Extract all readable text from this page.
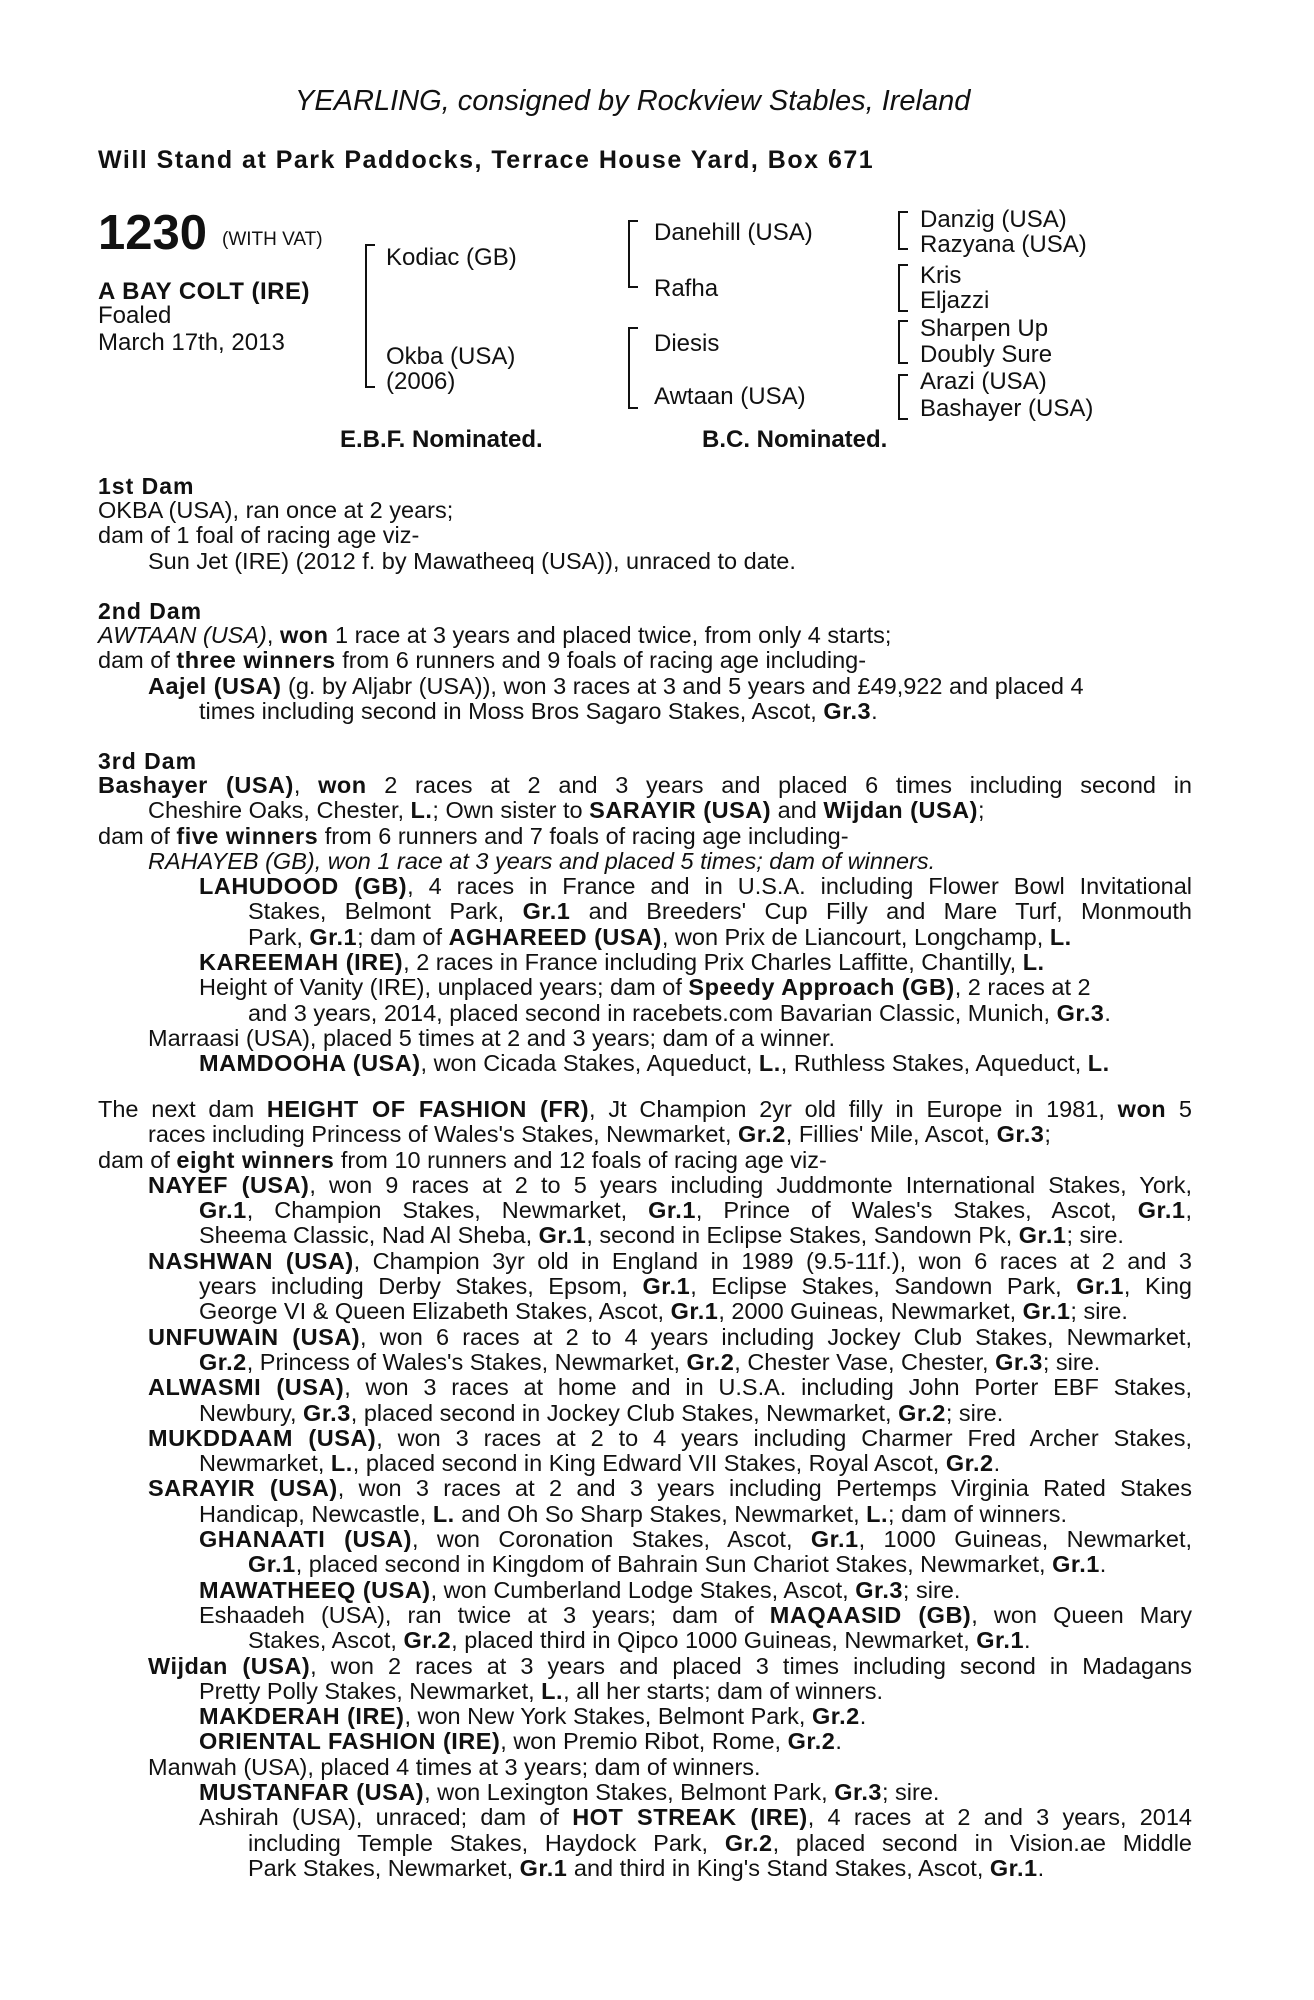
YEARLING, consigned by Rockview Stables, Ireland
Will Stand at Park Paddocks, Terrace House Yard, Box 671
1230 (WITH VAT)
A BAY COLT (IRE)
Foaled
March 17th, 2013
Kodiac (GB)
Okba (USA)
(2006)
Danehill (USA)
Rafha
Diesis
Awtaan (USA)
Danzig (USA)
Razyana (USA)
Kris
Eljazzi
Sharpen Up
Doubly Sure
Arazi (USA)
Bashayer (USA)
E.B.F. Nominated.	B.C. Nominated.
1st Dam
OKBA (USA), ran once at 2 years;
dam of 1 foal of racing age viz-
Sun Jet (IRE) (2012 f. by Mawatheeq (USA)), unraced to date.
2nd Dam
AWTAAN (USA), won 1 race at 3 years and placed twice, from only 4 starts;
dam of three winners from 6 runners and 9 foals of racing age including-
Aajel (USA) (g. by Aljabr (USA)), won 3 races at 3 and 5 years and £49,922 and placed 4
times including second in Moss Bros Sagaro Stakes, Ascot, Gr.3.
3rd Dam
Bashayer (USA), won 2 races at 2 and 3 years and placed 6 times including second in
Cheshire Oaks, Chester, L.; Own sister to SARAYIR (USA) and Wijdan (USA);
dam of five winners from 6 runners and 7 foals of racing age including-
RAHAYEB (GB), won 1 race at 3 years and placed 5 times; dam of winners.
LAHUDOOD (GB), 4 races in France and in U.S.A. including Flower Bowl Invitational
Stakes, Belmont Park, Gr.1 and Breeders' Cup Filly and Mare Turf, Monmouth
Park, Gr.1; dam of AGHAREED (USA), won Prix de Liancourt, Longchamp, L.
KAREEMAH (IRE), 2 races in France including Prix Charles Laffitte, Chantilly, L.
Height of Vanity (IRE), unplaced years; dam of Speedy Approach (GB), 2 races at 2
and 3 years, 2014, placed second in racebets.com Bavarian Classic, Munich, Gr.3.
Marraasi (USA), placed 5 times at 2 and 3 years; dam of a winner.
MAMDOOHA (USA), won Cicada Stakes, Aqueduct, L., Ruthless Stakes, Aqueduct, L.
The next dam HEIGHT OF FASHION (FR), Jt Champion 2yr old filly in Europe in 1981, won 5
races including Princess of Wales's Stakes, Newmarket, Gr.2, Fillies' Mile, Ascot, Gr.3;
dam of eight winners from 10 runners and 12 foals of racing age viz-
NAYEF (USA), won 9 races at 2 to 5 years including Juddmonte International Stakes, York,
Gr.1, Champion Stakes, Newmarket, Gr.1, Prince of Wales's Stakes, Ascot, Gr.1,
Sheema Classic, Nad Al Sheba, Gr.1, second in Eclipse Stakes, Sandown Pk, Gr.1; sire.
NASHWAN (USA), Champion 3yr old in England in 1989 (9.5-11f.), won 6 races at 2 and 3
years including Derby Stakes, Epsom, Gr.1, Eclipse Stakes, Sandown Park, Gr.1, King
George VI & Queen Elizabeth Stakes, Ascot, Gr.1, 2000 Guineas, Newmarket, Gr.1; sire.
UNFUWAIN (USA), won 6 races at 2 to 4 years including Jockey Club Stakes, Newmarket,
Gr.2, Princess of Wales's Stakes, Newmarket, Gr.2, Chester Vase, Chester, Gr.3; sire.
ALWASMI (USA), won 3 races at home and in U.S.A. including John Porter EBF Stakes,
Newbury, Gr.3, placed second in Jockey Club Stakes, Newmarket, Gr.2; sire.
MUKDDAAM (USA), won 3 races at 2 to 4 years including Charmer Fred Archer Stakes,
Newmarket, L., placed second in King Edward VII Stakes, Royal Ascot, Gr.2.
SARAYIR (USA), won 3 races at 2 and 3 years including Pertemps Virginia Rated Stakes
Handicap, Newcastle, L. and Oh So Sharp Stakes, Newmarket, L.; dam of winners.
GHANAATI (USA), won Coronation Stakes, Ascot, Gr.1, 1000 Guineas, Newmarket,
Gr.1, placed second in Kingdom of Bahrain Sun Chariot Stakes, Newmarket, Gr.1.
MAWATHEEQ (USA), won Cumberland Lodge Stakes, Ascot, Gr.3; sire.
Eshaadeh (USA), ran twice at 3 years; dam of MAQAASID (GB), won Queen Mary
Stakes, Ascot, Gr.2, placed third in Qipco 1000 Guineas, Newmarket, Gr.1.
Wijdan (USA), won 2 races at 3 years and placed 3 times including second in Madagans
Pretty Polly Stakes, Newmarket, L., all her starts; dam of winners.
MAKDERAH (IRE), won New York Stakes, Belmont Park, Gr.2.
ORIENTAL FASHION (IRE), won Premio Ribot, Rome, Gr.2.
Manwah (USA), placed 4 times at 3 years; dam of winners.
MUSTANFAR (USA), won Lexington Stakes, Belmont Park, Gr.3; sire.
Ashirah (USA), unraced; dam of HOT STREAK (IRE), 4 races at 2 and 3 years, 2014
including Temple Stakes, Haydock Park, Gr.2, placed second in Vision.ae Middle
Park Stakes, Newmarket, Gr.1 and third in King's Stand Stakes, Ascot, Gr.1.
